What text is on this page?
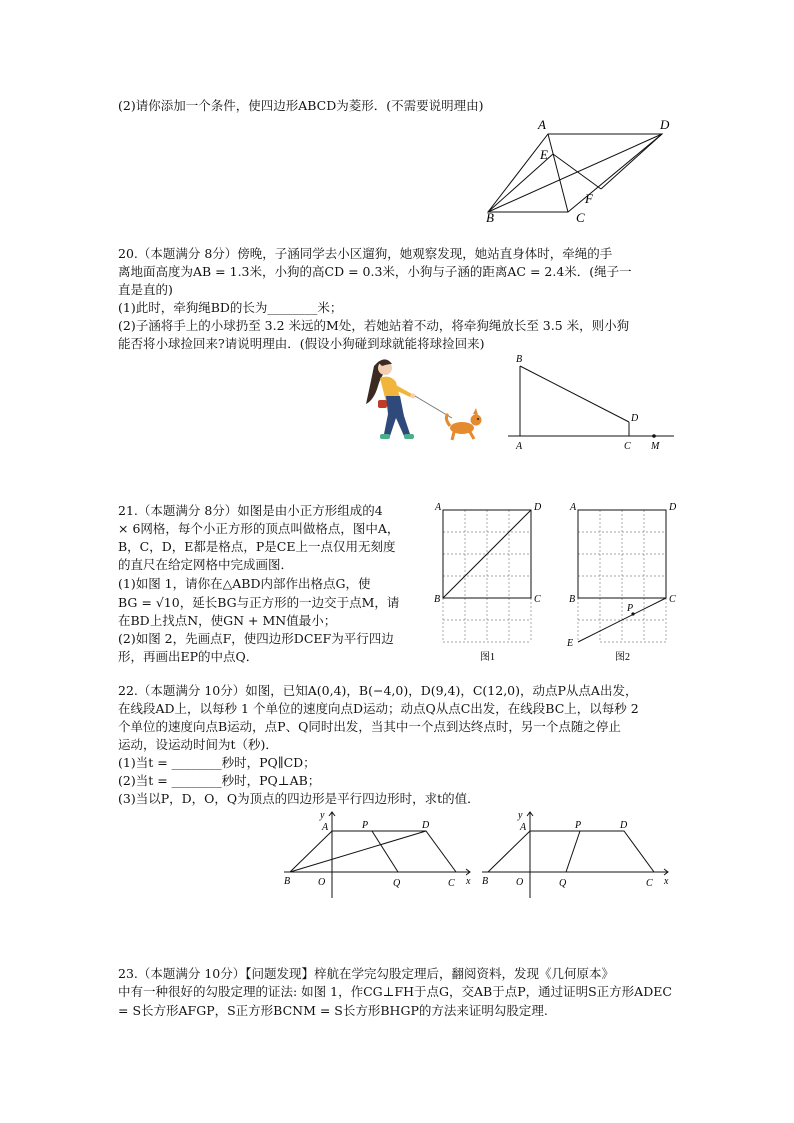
(2)请你添加一个条件，使四边形ABCD为菱形．(不需要说明理由)
20.（本题满分 8分）傍晚，子涵同学去小区遛狗，她观察发现，她站直身体时，牵绳的手
离地面高度为AB = 1.3米，小狗的高CD = 0.3米，小狗与子涵的距离AC = 2.4米．(绳子一
直是直的)
(1)此时，牵狗绳BD的长为________米；
(2)子涵将手上的小球扔至 3.2 米远的M处，若她站着不动，将牵狗绳放长至 3.5 米，则小狗
能否将小球捡回来?请说明理由．(假设小狗碰到球就能将球捡回来)
21.（本题满分 8分）如图是由小正方形组成的4
× 6网格，每个小正方形的顶点叫做格点，图中A，
B，C，D，E都是格点，P是CE上一点仅用无刻度
的直尺在给定网格中完成画图．
(1)如图 1，请你在△ABD内部作出格点G，使
BG = √10，延长BG与正方形的一边交于点M，请
在BD上找点N，使GN + MN值最小；
(2)如图 2，先画点F，使四边形DCEF为平行四边
形，再画出EP的中点Q．
22.（本题满分 10分）如图，已知A(0,4)，B(−4,0)，D(9,4)，C(12,0)，动点P从点A出发，
在线段AD上，以每秒 1 个单位的速度向点D运动；动点Q从点C出发，在线段BC上，以每秒 2
个单位的速度向点B运动，点P、Q同时出发，当其中一个点到达终点时，另一个点随之停止
运动，设运动时间为t（秒)．
(1)当t = ________秒时，PQ∥CD；
(2)当t = ________秒时，PQ⊥AB；
(3)当以P，D，O，Q为顶点的四边形是平行四边形时，求t的值．
23.（本题满分 10分）【问题发现】梓航在学完勾股定理后，翻阅资料，发现《几何原本》
中有一种很好的勾股定理的证法: 如图 1，作CG⊥FH于点G，交AB于点P，通过证明S正方形ADEC
= S长方形AFGP，S正方形BCNM = S长方形BHGP的方法来证明勾股定理.
A	D
E
F
B	C
B
D
A	C M
A	D
B	C
图1
A	D
B	C
E
P
图2
y
A	P	D
B	O	Q	C x
y
A	P	D
B	O	Q	C x
